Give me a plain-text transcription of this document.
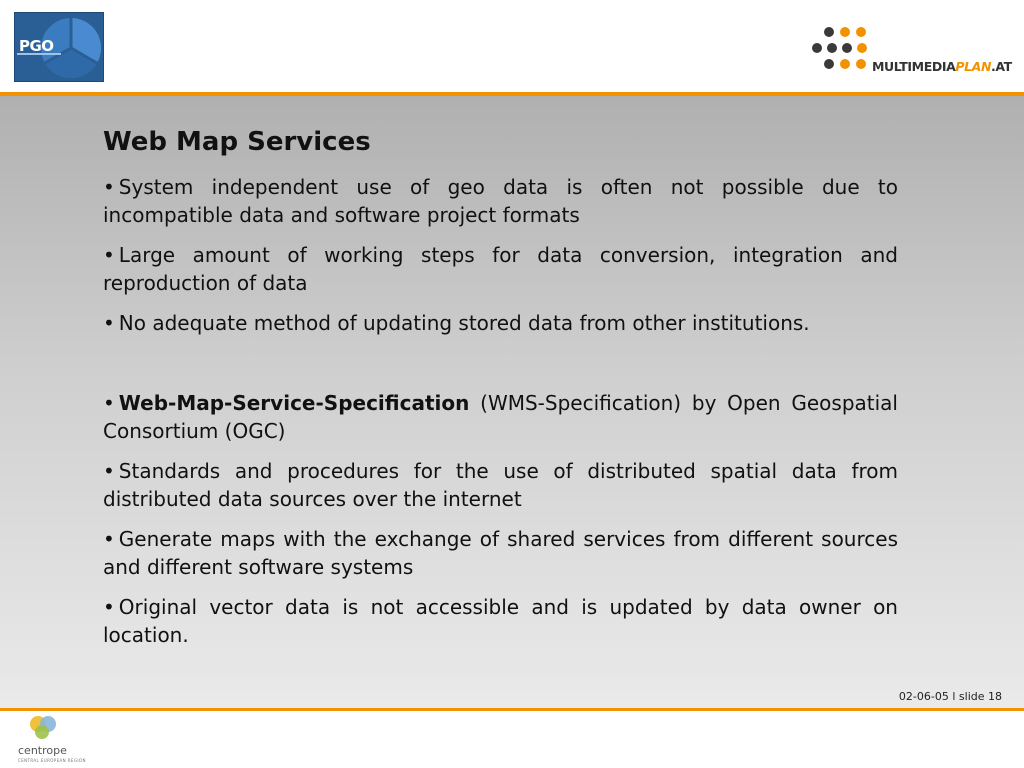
PGO
MULTIMEDIAPLAN.AT
Web Map Services

• System independent use of geo data is often not possible due to incompatible data and software project formats

• Large amount of working steps for data conversion, integration and reproduction of data

• No adequate method of updating stored data from other institutions.

• Web-Map-Service-Specification (WMS-Specification) by Open Geospatial Consortium (OGC)

• Standards and procedures for the use of distributed spatial data from distributed data sources over the internet

• Generate maps with the exchange of shared services from different sources and different software systems

• Original vector data is not accessible and is updated by data owner on location.

02-06-05 l slide 18
centrope
CENTRAL EUROPEAN REGION
